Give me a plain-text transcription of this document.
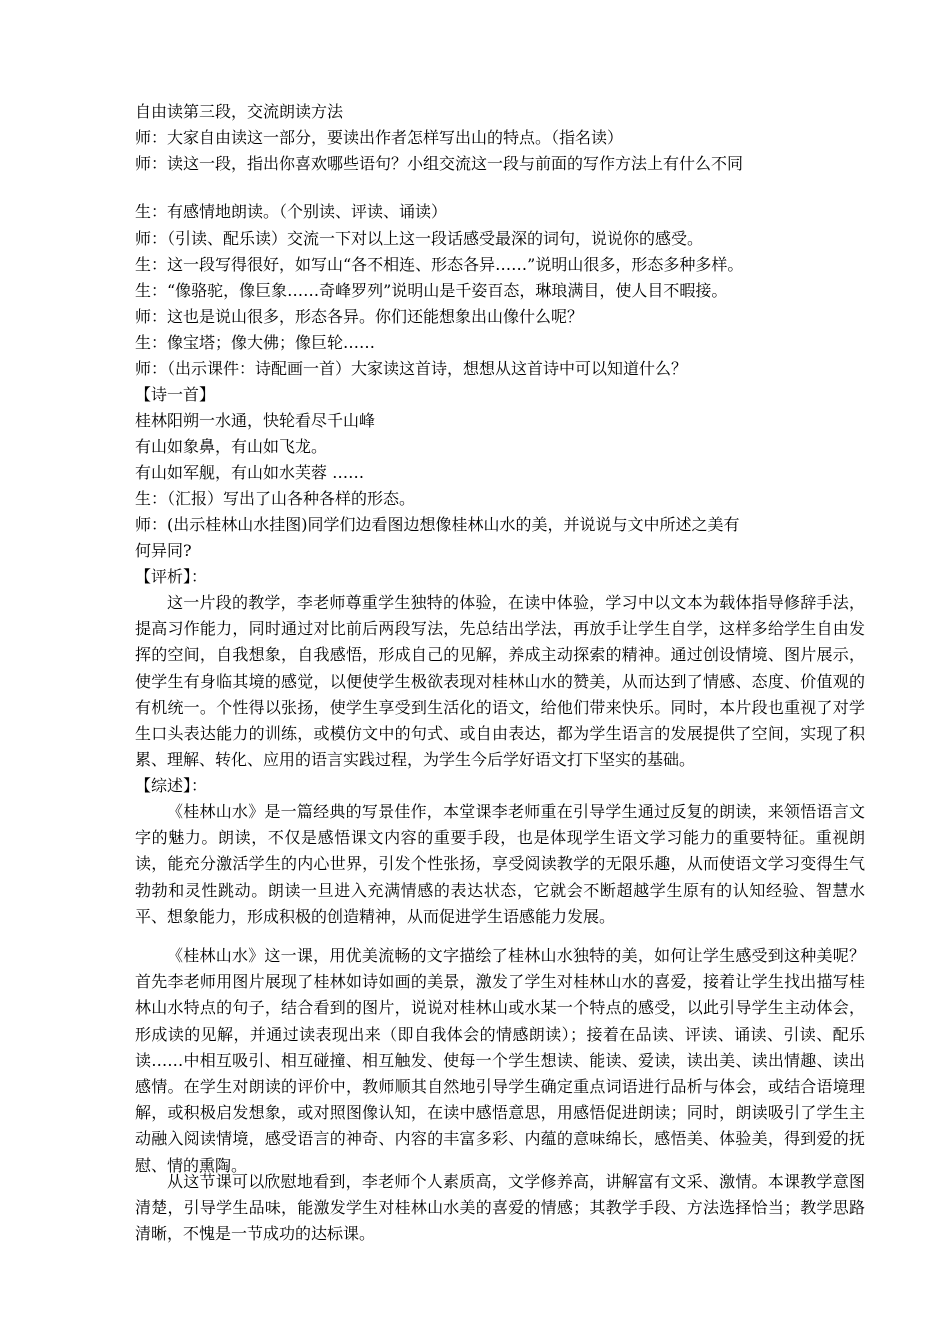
自由读第三段，交流朗读方法
师：大家自由读这一部分，要读出作者怎样写出山的特点。（指名读）
师：读这一段，指出你喜欢哪些语句？小组交流这一段与前面的写作方法上有什么不同
生：有感情地朗读。（个别读、评读、诵读）
师：（引读、配乐读）交流一下对以上这一段话感受最深的词句，说说你的感受。
生：这一段写得很好，如写山“各不相连、形态各异……”说明山很多，形态多种多样。
生：“像骆驼，像巨象……奇峰罗列”说明山是千姿百态，琳琅满目，使人目不暇接。
师：这也是说山很多，形态各异。你们还能想象出山像什么呢？
生：像宝塔；像大佛；像巨轮……
师：（出示课件：诗配画一首）大家读这首诗，想想从这首诗中可以知道什么？
【诗一首】
桂林阳朔一水通，快轮看尽千山峰
有山如象鼻，有山如飞龙。
有山如军舰，有山如水芙蓉 ……
生：（汇报）写出了山各种各样的形态。
师：(出示桂林山水挂图)同学们边看图边想像桂林山水的美，并说说与文中所述之美有
何异同?
【评析】：
这一片段的教学，李老师尊重学生独特的体验，在读中体验，学习中以文本为载体指导修辞手法，提高习作能力，同时通过对比前后两段写法，先总结出学法，再放手让学生自学，这样多给学生自由发挥的空间，自我想象，自我感悟，形成自己的见解，养成主动探索的精神。通过创设情境、图片展示，使学生有身临其境的感觉，以便使学生极欲表现对桂林山水的赞美，从而达到了情感、态度、价值观的有机统一。个性得以张扬，使学生享受到生活化的语文，给他们带来快乐。同时，本片段也重视了对学生口头表达能力的训练，或模仿文中的句式、或自由表达，都为学生语言的发展提供了空间，实现了积累、理解、转化、应用的语言实践过程，为学生今后学好语文打下坚实的基础。
【综述】：
《桂林山水》是一篇经典的写景佳作，本堂课李老师重在引导学生通过反复的朗读，来领悟语言文字的魅力。朗读，不仅是感悟课文内容的重要手段，也是体现学生语文学习能力的重要特征。重视朗读，能充分激活学生的内心世界，引发个性张扬，享受阅读教学的无限乐趣，从而使语文学习变得生气勃勃和灵性跳动。朗读一旦进入充满情感的表达状态，它就会不断超越学生原有的认知经验、智慧水平、想象能力，形成积极的创造精神，从而促进学生语感能力发展。
《桂林山水》这一课，用优美流畅的文字描绘了桂林山水独特的美，如何让学生感受到这种美呢？首先李老师用图片展现了桂林如诗如画的美景，激发了学生对桂林山水的喜爱，接着让学生找出描写桂林山水特点的句子，结合看到的图片，说说对桂林山或水某一个特点的感受，以此引导学生主动体会，形成读的见解，并通过读表现出来（即自我体会的情感朗读）；接着在品读、评读、诵读、引读、配乐读……中相互吸引、相互碰撞、相互触发、使每一个学生想读、能读、爱读，读出美、读出情趣、读出感情。在学生对朗读的评价中，教师顺其自然地引导学生确定重点词语进行品析与体会，或结合语境理解，或积极启发想象，或对照图像认知，在读中感悟意思，用感悟促进朗读；同时，朗读吸引了学生主动融入阅读情境，感受语言的神奇、内容的丰富多彩、内蕴的意味绵长，感悟美、体验美，得到爱的抚慰、情的熏陶。
从这节课可以欣慰地看到，李老师个人素质高，文学修养高，讲解富有文采、激情。本课教学意图清楚，引导学生品味，能激发学生对桂林山水美的喜爱的情感；其教学手段、方法选择恰当；教学思路清晰，不愧是一节成功的达标课。
